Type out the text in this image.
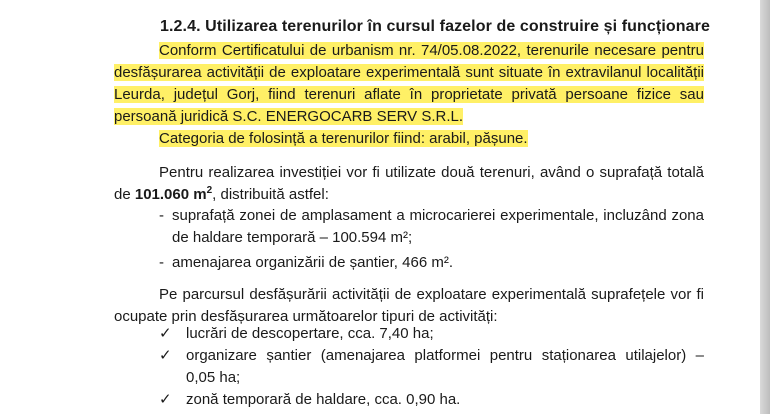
1.2.4. Utilizarea terenurilor în cursul fazelor de construire și funcționare
Conform Certificatului de urbanism nr. 74/05.08.2022, terenurile necesare pentru
desfășurarea activității de exploatare experimentală sunt situate în extravilanul localității
Leurda, județul Gorj, fiind terenuri aflate în proprietate privată persoane fizice sau
persoană juridică S.C. ENERGOCARB SERV S.R.L.
Categoria de folosință a terenurilor fiind: arabil, pășune.
Pentru realizarea investiției vor fi utilizate două terenuri, având o suprafață totală
de 101.060 $m^2$, distribuită astfel:
- suprafață zonei de amplasament a microcarierei experimentale, incluzând zona
de haldare temporară – 100.594 m²;
- amenajarea organizării de șantier, 466 m².
Pe parcursul desfășurării activității de exploatare experimentală suprafețele vor fi
ocupate prin desfășurarea următoarelor tipuri de activități:
✓ lucrări de descopertare, cca. 7,40 ha;
✓ organizare șantier (amenajarea platformei pentru staționarea utilajelor) –
0,05 ha;
✓ zonă temporară de haldare, cca. 0,90 ha.
